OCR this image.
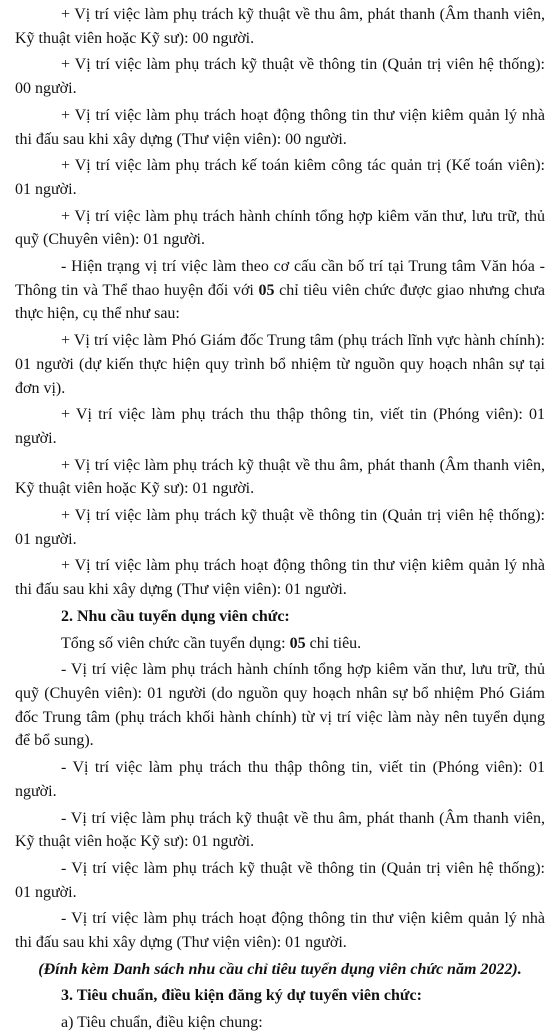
+ Vị trí việc làm phụ trách kỹ thuật về thu âm, phát thanh (Âm thanh viên, Kỹ thuật viên hoặc Kỹ sư): 00 người.

+ Vị trí việc làm phụ trách kỹ thuật về thông tin (Quản trị viên hệ thống): 00 người.

+ Vị trí việc làm phụ trách hoạt động thông tin thư viện kiêm quản lý nhà thi đấu sau khi xây dựng (Thư viện viên): 00 người.

+ Vị trí việc làm phụ trách kế toán kiêm công tác quản trị (Kế toán viên): 01 người.

+ Vị trí việc làm phụ trách hành chính tổng hợp kiêm văn thư, lưu trữ, thủ quỹ (Chuyên viên): 01 người.

- Hiện trạng vị trí việc làm theo cơ cấu cần bố trí tại Trung tâm Văn hóa - Thông tin và Thể thao huyện đối với 05 chỉ tiêu viên chức được giao nhưng chưa thực hiện, cụ thể như sau:

+ Vị trí việc làm Phó Giám đốc Trung tâm (phụ trách lĩnh vực hành chính): 01 người (dự kiến thực hiện quy trình bổ nhiệm từ nguồn quy hoạch nhân sự tại đơn vị).

+ Vị trí việc làm phụ trách thu thập thông tin, viết tin (Phóng viên): 01 người.

+ Vị trí việc làm phụ trách kỹ thuật về thu âm, phát thanh (Âm thanh viên, Kỹ thuật viên hoặc Kỹ sư): 01 người.

+ Vị trí việc làm phụ trách kỹ thuật về thông tin (Quản trị viên hệ thống): 01 người.

+ Vị trí việc làm phụ trách hoạt động thông tin thư viện kiêm quản lý nhà thi đấu sau khi xây dựng (Thư viện viên): 01 người.

2. Nhu cầu tuyển dụng viên chức:

Tổng số viên chức cần tuyển dụng: 05 chỉ tiêu.

- Vị trí việc làm phụ trách hành chính tổng hợp kiêm văn thư, lưu trữ, thủ quỹ (Chuyên viên): 01 người (do nguồn quy hoạch nhân sự bổ nhiệm Phó Giám đốc Trung tâm (phụ trách khối hành chính) từ vị trí việc làm này nên tuyển dụng để bổ sung).

- Vị trí việc làm phụ trách thu thập thông tin, viết tin (Phóng viên): 01 người.

- Vị trí việc làm phụ trách kỹ thuật về thu âm, phát thanh (Âm thanh viên, Kỹ thuật viên hoặc Kỹ sư): 01 người.

- Vị trí việc làm phụ trách kỹ thuật về thông tin (Quản trị viên hệ thống): 01 người.

- Vị trí việc làm phụ trách hoạt động thông tin thư viện kiêm quản lý nhà thi đấu sau khi xây dựng (Thư viện viên): 01 người.

(Đính kèm Danh sách nhu cầu chỉ tiêu tuyển dụng viên chức năm 2022).

3. Tiêu chuẩn, điều kiện đăng ký dự tuyển viên chức:

a) Tiêu chuẩn, điều kiện chung:
